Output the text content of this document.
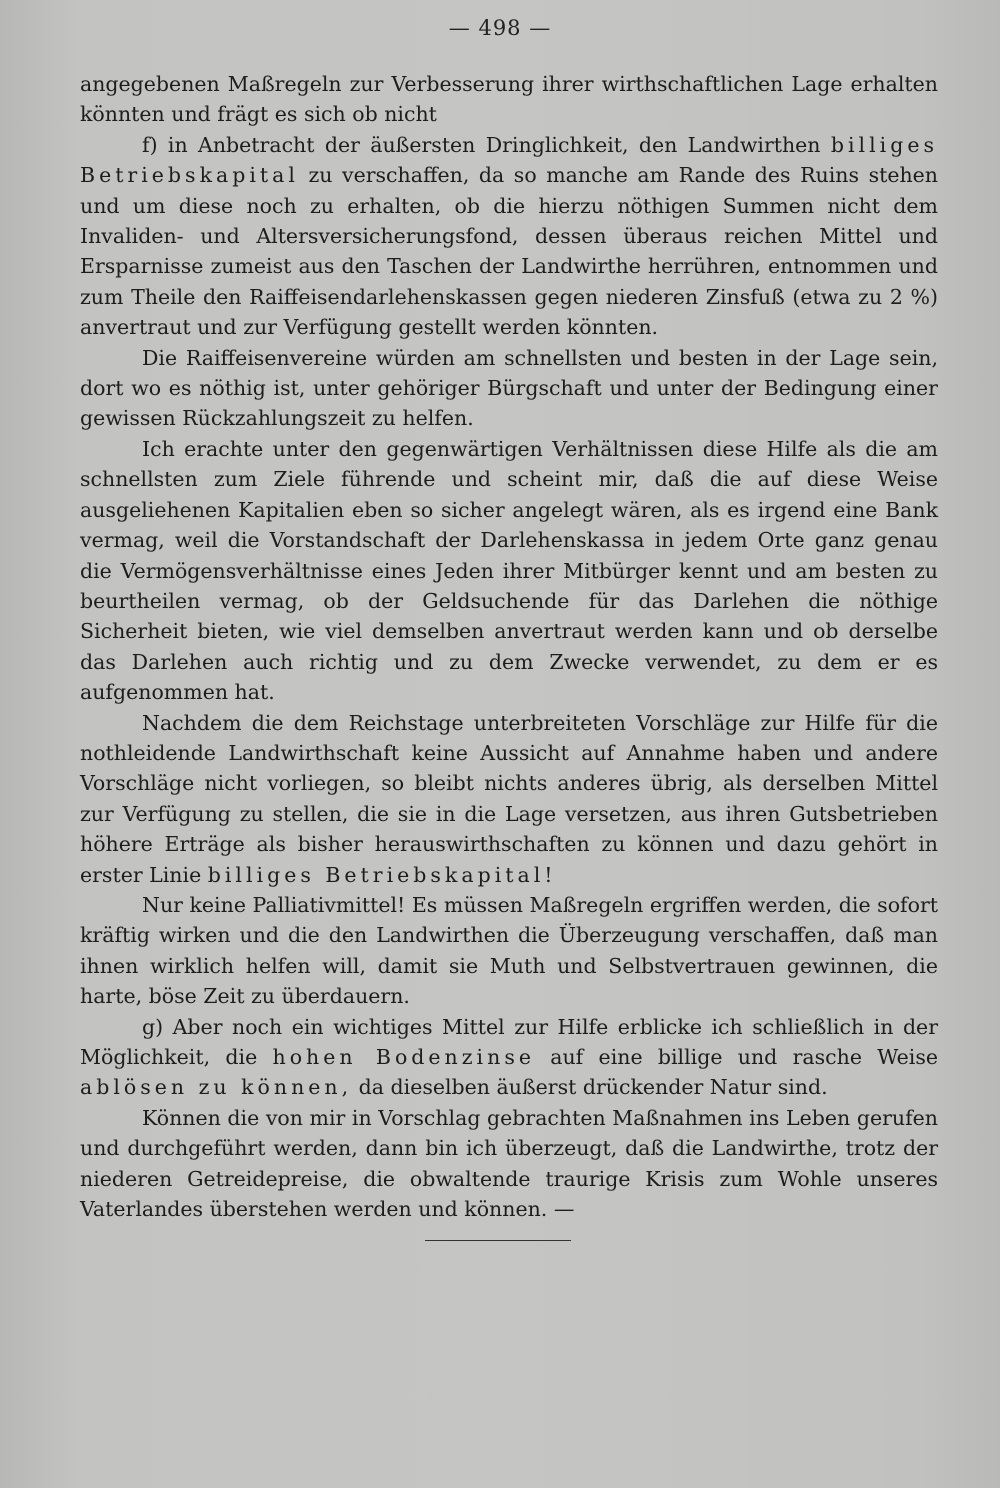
— 498 —

angegebenen Maßregeln zur Verbesserung ihrer wirthschaftlichen Lage erhalten könnten und frägt es sich ob nicht

f) in Anbetracht der äußersten Dringlichkeit, den Landwirthen billiges Betriebskapital zu verschaffen, da so manche am Rande des Ruins stehen und um diese noch zu erhalten, ob die hierzu nöthigen Summen nicht dem Invaliden- und Altersversicherungsfond, dessen überaus reichen Mittel und Ersparnisse zumeist aus den Taschen der Landwirthe herrühren, entnommen und zum Theile den Raiffeisendarlehenskassen gegen niederen Zinsfuß (etwa zu 2 %) anvertraut und zur Verfügung gestellt werden könnten.

Die Raiffeisenvereine würden am schnellsten und besten in der Lage sein, dort wo es nöthig ist, unter gehöriger Bürgschaft und unter der Bedingung einer gewissen Rückzahlungszeit zu helfen.

Ich erachte unter den gegenwärtigen Verhältnissen diese Hilfe als die am schnellsten zum Ziele führende und scheint mir, daß die auf diese Weise ausgeliehenen Kapitalien eben so sicher angelegt wären, als es irgend eine Bank vermag, weil die Vorstandschaft der Darlehenskassa in jedem Orte ganz genau die Vermögensverhältnisse eines Jeden ihrer Mitbürger kennt und am besten zu beurtheilen vermag, ob der Geldsuchende für das Darlehen die nöthige Sicherheit bieten, wie viel demselben anvertraut werden kann und ob derselbe das Darlehen auch richtig und zu dem Zwecke verwendet, zu dem er es aufgenommen hat.

Nachdem die dem Reichstage unterbreiteten Vorschläge zur Hilfe für die nothleidende Landwirthschaft keine Aussicht auf Annahme haben und andere Vorschläge nicht vorliegen, so bleibt nichts anderes übrig, als derselben Mittel zur Verfügung zu stellen, die sie in die Lage versetzen, aus ihren Gutsbetrieben höhere Erträge als bisher herauswirthschaften zu können und dazu gehört in erster Linie billiges Betriebskapital!

Nur keine Palliativmittel! Es müssen Maßregeln ergriffen werden, die sofort kräftig wirken und die den Landwirthen die Überzeugung verschaffen, daß man ihnen wirklich helfen will, damit sie Muth und Selbstvertrauen gewinnen, die harte, böse Zeit zu überdauern.

g) Aber noch ein wichtiges Mittel zur Hilfe erblicke ich schließlich in der Möglichkeit, die hohen Bodenzinse auf eine billige und rasche Weise ablösen zu können, da dieselben äußerst drückender Natur sind.

Können die von mir in Vorschlag gebrachten Maßnahmen ins Leben gerufen und durchgeführt werden, dann bin ich überzeugt, daß die Landwirthe, trotz der niederen Getreidepreise, die obwaltende traurige Krisis zum Wohle unseres Vaterlandes überstehen werden und können. —
